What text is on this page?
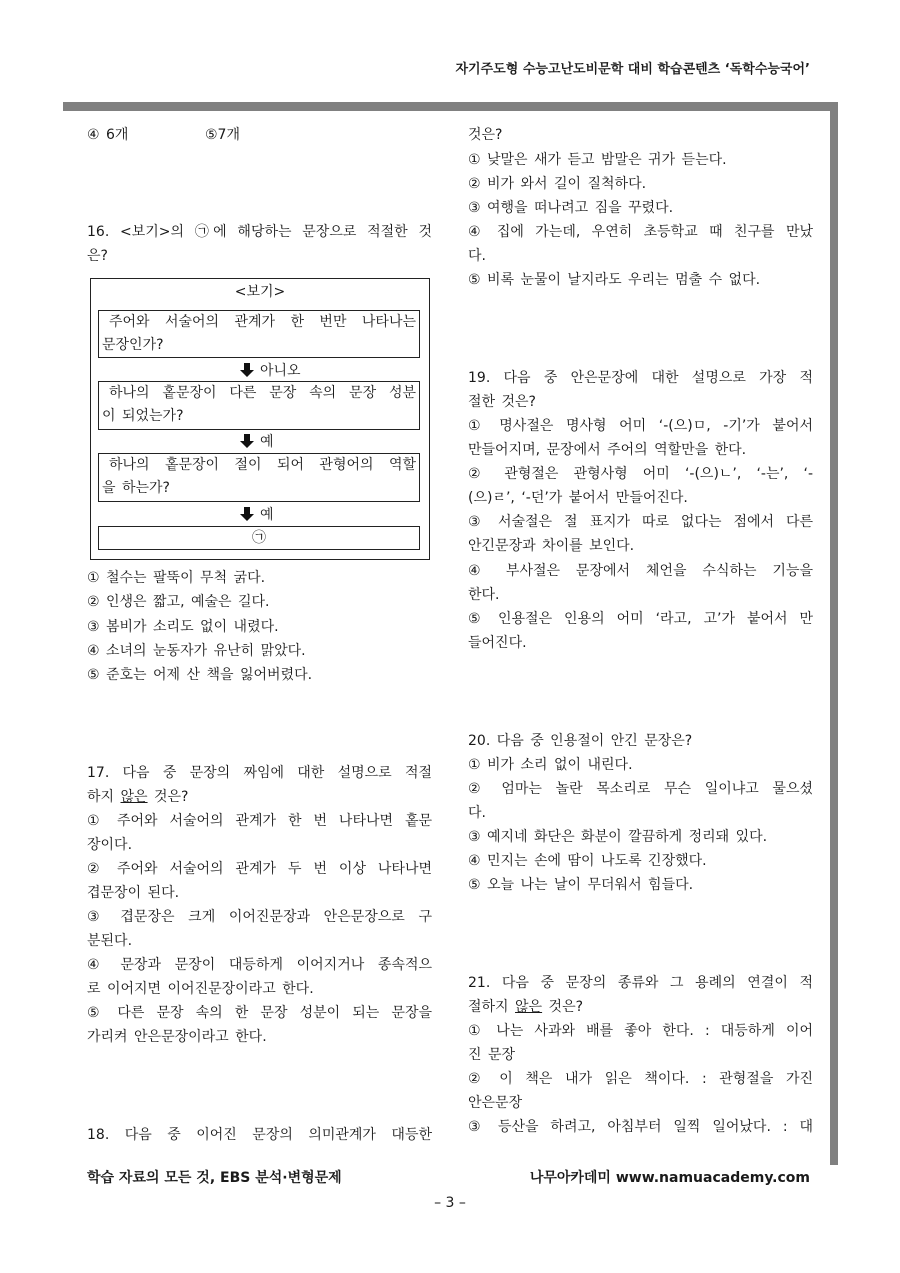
자기주도형 수능고난도비문학 대비 학습콘텐츠 ‘독학수능국어’
④ 6개	⑤7개
16. <보기>의 ㉠에 해당하는 문장으로 적절한 것
은?
<보기>
주어와 서술어의 관계가 한 번만 나타나는
문장인가?
아니오
하나의 홑문장이 다른 문장 속의 문장 성분
이 되었는가?
예
하나의 홑문장이 절이 되어 관형어의 역할
을 하는가?
예
㉠
① 철수는 팔뚝이 무척 굵다.
② 인생은 짧고, 예술은 길다.
③ 봄비가 소리도 없이 내렸다.
④ 소녀의 눈동자가 유난히 맑았다.
⑤ 준호는 어제 산 책을 잃어버렸다.
17. 다음 중 문장의 짜임에 대한 설명으로 적절
하지 않은 것은?
① 주어와 서술어의 관계가 한 번 나타나면 홑문
장이다.
② 주어와 서술어의 관계가 두 번 이상 나타나면
겹문장이 된다.
③ 겹문장은 크게 이어진문장과 안은문장으로 구
분된다.
④ 문장과 문장이 대등하게 이어지거나 종속적으
로 이어지면 이어진문장이라고 한다.
⑤ 다른 문장 속의 한 문장 성분이 되는 문장을
가리켜 안은문장이라고 한다.
18. 다음 중 이어진 문장의 의미관계가 대등한
것은?
① 낮말은 새가 듣고 밤말은 귀가 듣는다.
② 비가 와서 길이 질척하다.
③ 여행을 떠나려고 짐을 꾸렸다.
④ 집에 가는데, 우연히 초등학교 때 친구를 만났
다.
⑤ 비록 눈물이 날지라도 우리는 멈출 수 없다.
19. 다음 중 안은문장에 대한 설명으로 가장 적
절한 것은?
① 명사절은 명사형 어미 ‘-(으)ㅁ, -기’가 붙어서
만들어지며, 문장에서 주어의 역할만을 한다.
② 관형절은 관형사형 어미 ‘-(으)ㄴ’, ‘-는’, ‘-
(으)ㄹ’, ‘-던’가 붙어서 만들어진다.
③ 서술절은 절 표지가 따로 없다는 점에서 다른
안긴문장과 차이를 보인다.
④ 부사절은 문장에서 체언을 수식하는 기능을
한다.
⑤ 인용절은 인용의 어미 ‘라고, 고’가 붙어서 만
들어진다.
20. 다음 중 인용절이 안긴 문장은?
① 비가 소리 없이 내린다.
② 엄마는 놀란 목소리로 무슨 일이냐고 물으셨
다.
③ 예지네 화단은 화분이 깔끔하게 정리돼 있다.
④ 민지는 손에 땀이 나도록 긴장했다.
⑤ 오늘 나는 날이 무더워서 힘들다.
21. 다음 중 문장의 종류와 그 용례의 연결이 적
절하지 않은 것은?
① 나는 사과와 배를 좋아 한다. : 대등하게 이어
진 문장
② 이 책은 내가 읽은 책이다. : 관형절을 가진
안은문장
③ 등산을 하려고, 아침부터 일찍 일어났다. : 대
학습 자료의 모든 것, EBS 분석·변형문제	나무아카데미 www.namuacademy.com
– 3 –
